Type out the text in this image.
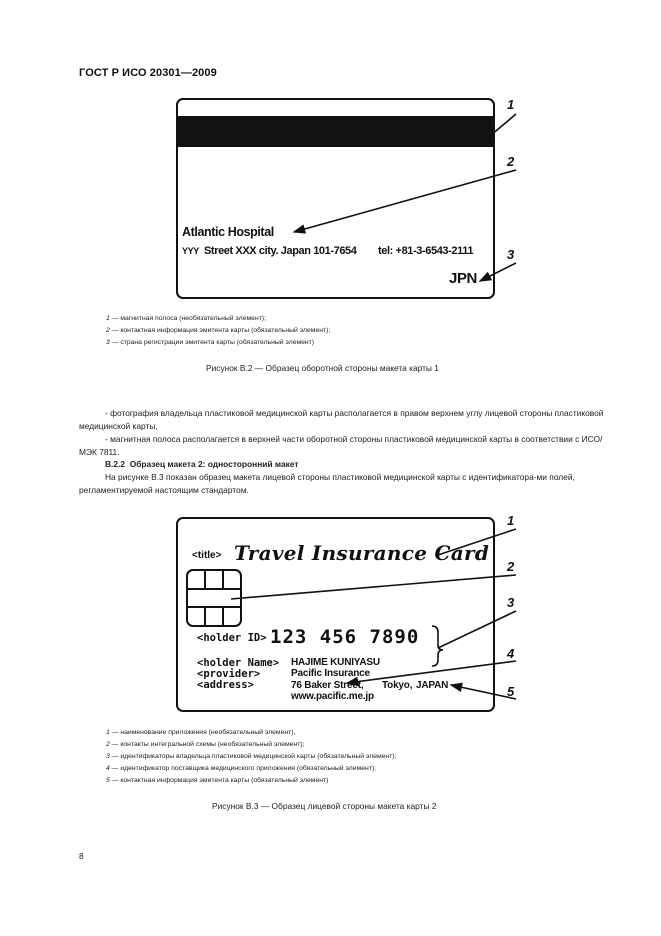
ГОСТ Р ИСО 20301—2009
Atlantic Hospital
YYY Street XXX city. Japan 101-7654 tel: +81-3-6543-2111
JPN
1
2
3
1 — магнитная полоса (необязательный элемент);
2 — контактная информация эмитента карты (обязательный элемент);
3 — страна регистрации эмитента карты (обязательный элемент)
Рисунок В.2 — Образец оборотной стороны макета карты 1
- фотография владельца пластиковой медицинской карты располагается в правом верхнем углу лицевой стороны пластиковой медицинской карты,
- магнитная полоса располагается в верхней части оборотной стороны пластиковой медицинской карты в соответствии с ИСО/МЭК 7811.
В.2.2 Образец макета 2: односторонний макет
На рисунке В.3 показан образец макета лицевой стороны пластиковой медицинской карты с идентификатора-ми полей, регламентируемой настоящим стандартом.
<title> Travel Insurance Card
<holder ID> 123 456 7890
<holder Name>
<provider>
<address>
HAJIME KUNIYASU
Pacific Insurance
76 Baker Street, Tokyo, JAPAN
www.pacific.me.jp
1
2
3
4
5
1 — наименование приложения (необязательный элемент),
2 — контакты интегральной схемы (необязательный элемент);
3 — идентификаторы владельца пластиковой медицинской карты (обязательный элемент);
4 — идентификатор поставщика медицинского приложения (обязательный элемент);
5 — контактная информация эмитента карты (обязательный элемент)
Рисунок В.3 — Образец лицевой стороны макета карты 2
8
